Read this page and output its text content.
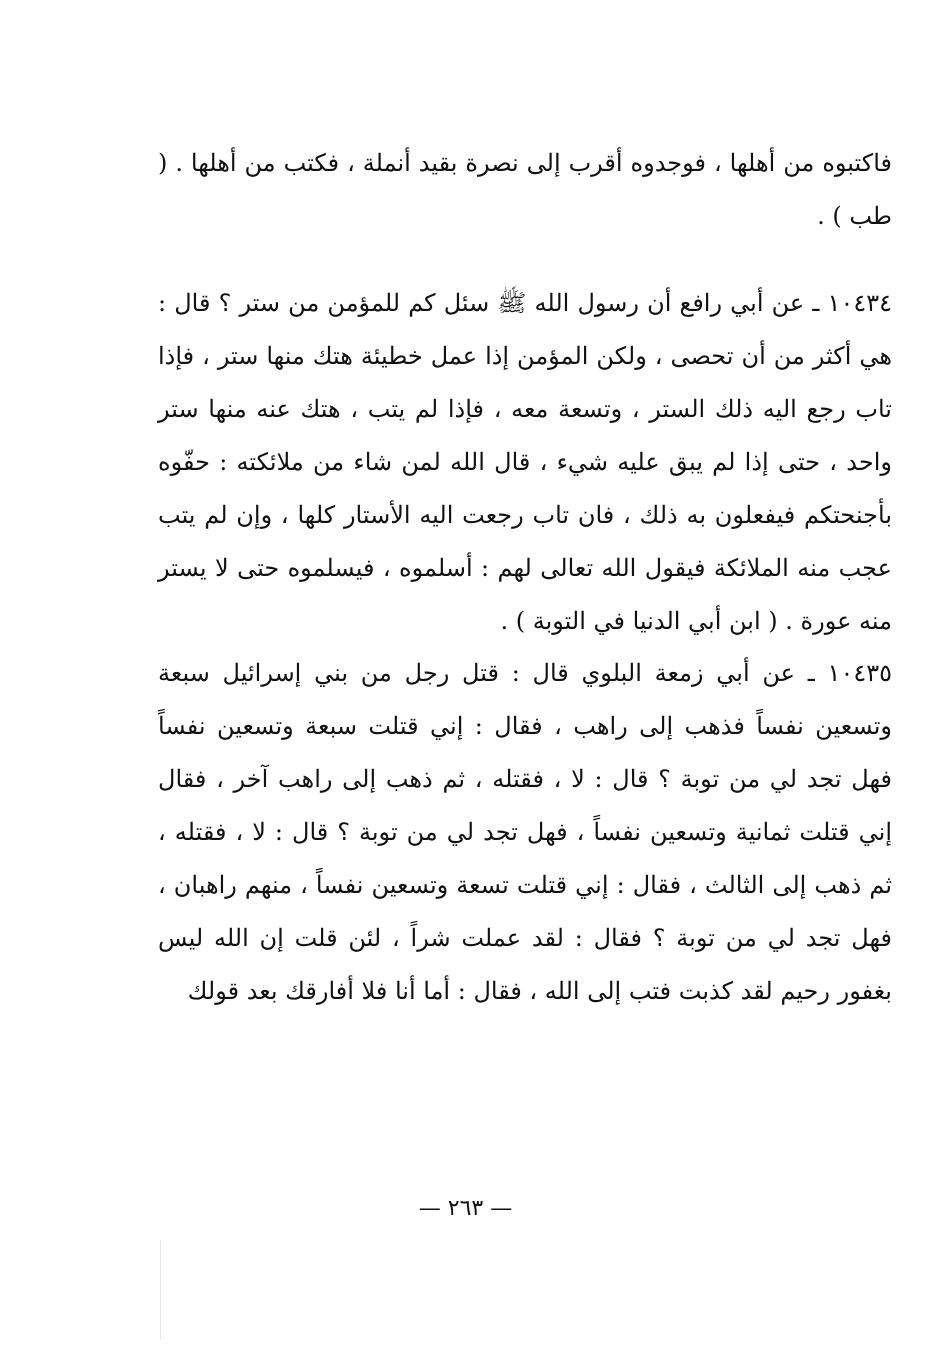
فاكتبوه من أهلها ، فوجدوه أقرب إلى نصرة بقيد أنملة ، فكتب من أهلها . ( طب ) .

١٠٤٣٤ ـ عن أبي رافع أن رسول الله ﷺ سئل كم للمؤمن من ستر ؟ قال : هي أكثر من أن تحصى ، ولكن المؤمن إذا عمل خطيئة هتك منها ستر ، فإذا تاب رجع اليه ذلك الستر ، وتسعة معه ، فإذا لم يتب ، هتك عنه منها ستر واحد ، حتى إذا لم يبق عليه شيء ، قال الله لمن شاء من ملائكته : حفّوه بأجنحتكم فيفعلون به ذلك ، فان تاب رجعت اليه الأستار كلها ، وإن لم يتب عجب منه الملائكة فيقول الله تعالى لهم : أسلموه ، فيسلموه حتى لا يستر منه عورة . ( ابن أبي الدنيا في التوبة ) .

١٠٤٣٥ ـ عن أبي زمعة البلوي قال : قتل رجل من بني إسرائيل سبعة وتسعين نفساً فذهب إلى راهب ، فقال : إني قتلت سبعة وتسعين نفساً فهل تجد لي من توبة ؟ قال : لا ، فقتله ، ثم ذهب إلى راهب آخر ، فقال إني قتلت ثمانية وتسعين نفساً ، فهل تجد لي من توبة ؟ قال : لا ، فقتله ، ثم ذهب إلى الثالث ، فقال : إني قتلت تسعة وتسعين نفساً ، منهم راهبان ، فهل تجد لي من توبة ؟ فقال : لقد عملت شراً ، لئن قلت إن الله ليس بغفور رحيم لقد كذبت فتب إلى الله ، فقال : أما أنا فلا أفارقك بعد قولك

— ٢٦٣ —
